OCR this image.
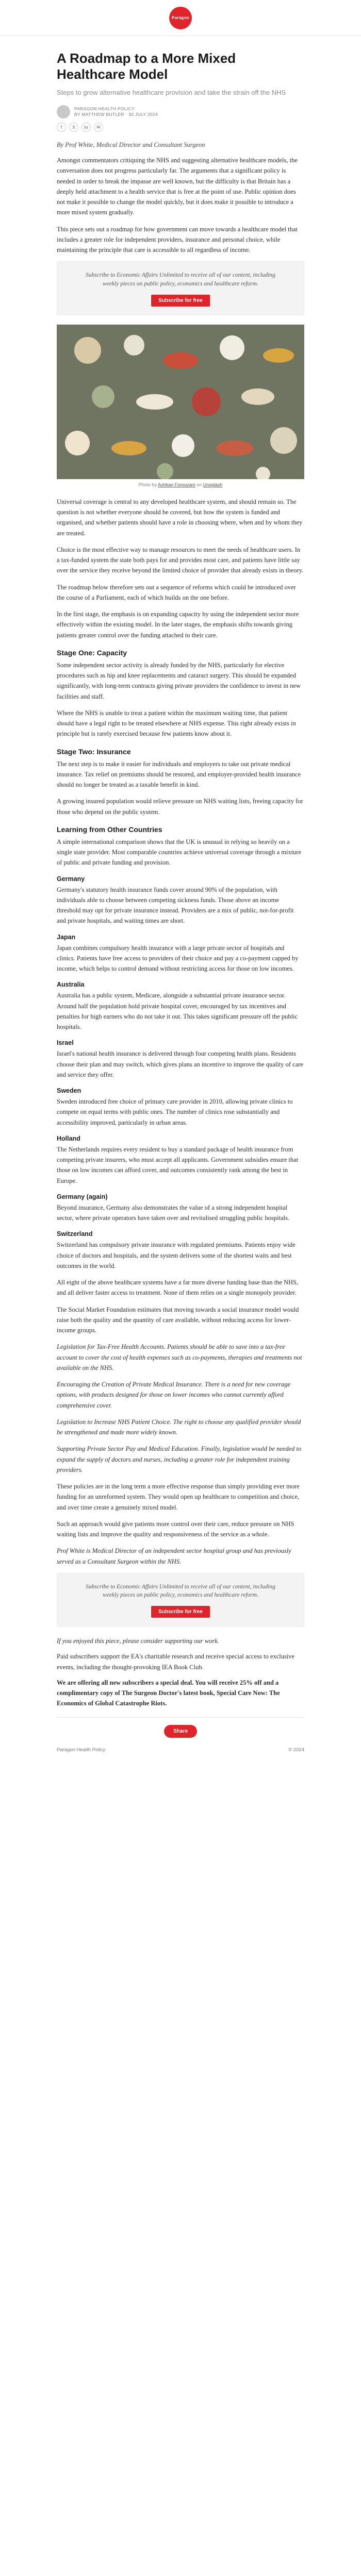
Paragon
A Roadmap to a More Mixed Healthcare Model
Steps to grow alternative healthcare provision and take the strain off the NHS
PARAGON HEALTH POLICY
BY MATTHEW BUTLER · 30 JULY 2024
f	X	in	✉
By Prof White, Medical Director and Consultant Surgeon

Amongst commentators critiquing the NHS and suggesting alternative healthcare models, the conversation does not progress particularly far. The arguments that a significant policy is needed in order to break the impasse are well known, but the difficulty is that Britain has a deeply held attachment to a health service that is free at the point of use. Public opinion does not make it possible to change the model quickly, but it does make it possible to introduce a more mixed system gradually.

This piece sets out a roadmap for how government can move towards a healthcare model that includes a greater role for independent providers, insurance and personal choice, while maintaining the principle that care is accessible to all regardless of income.

Subscribe to Economic Affairs Unlimited to receive all of our content, including weekly pieces on public policy, economics and healthcare reform.
Subscribe for free
Photo by Ashkan Forouzani on Unsplash

Universal coverage is central to any developed healthcare system, and should remain so. The question is not whether everyone should be covered, but how the system is funded and organised, and whether patients should have a role in choosing where, when and by whom they are treated.

Choice is the most effective way to manage resources to meet the needs of healthcare users. In a tax-funded system the state both pays for and provides most care, and patients have little say over the service they receive beyond the limited choice of provider that already exists in theory.

The roadmap below therefore sets out a sequence of reforms which could be introduced over the course of a Parliament, each of which builds on the one before.

In the first stage, the emphasis is on expanding capacity by using the independent sector more effectively within the existing model. In the later stages, the emphasis shifts towards giving patients greater control over the funding attached to their care.

Stage One: Capacity

Some independent sector activity is already funded by the NHS, particularly for elective procedures such as hip and knee replacements and cataract surgery. This should be expanded significantly, with long-term contracts giving private providers the confidence to invest in new facilities and staff.

Where the NHS is unable to treat a patient within the maximum waiting time, that patient should have a legal right to be treated elsewhere at NHS expense. This right already exists in principle but is rarely exercised because few patients know about it.

Stage Two: Insurance

The next step is to make it easier for individuals and employers to take out private medical insurance. Tax relief on premiums should be restored, and employer-provided health insurance should no longer be treated as a taxable benefit in kind.

A growing insured population would relieve pressure on NHS waiting lists, freeing capacity for those who depend on the public system.

Learning from Other Countries

A simple international comparison shows that the UK is unusual in relying so heavily on a single state provider. Most comparable countries achieve universal coverage through a mixture of public and private funding and provision.

Germany

Germany's statutory health insurance funds cover around 90% of the population, with individuals able to choose between competing sickness funds. Those above an income threshold may opt for private insurance instead. Providers are a mix of public, not-for-profit and private hospitals, and waiting times are short.

Japan

Japan combines compulsory health insurance with a large private sector of hospitals and clinics. Patients have free access to providers of their choice and pay a co-payment capped by income, which helps to control demand without restricting access for those on low incomes.

Australia

Australia has a public system, Medicare, alongside a substantial private insurance sector. Around half the population hold private hospital cover, encouraged by tax incentives and penalties for high earners who do not take it out. This takes significant pressure off the public hospitals.

Israel

Israel's national health insurance is delivered through four competing health plans. Residents choose their plan and may switch, which gives plans an incentive to improve the quality of care and service they offer.

Sweden

Sweden introduced free choice of primary care provider in 2010, allowing private clinics to compete on equal terms with public ones. The number of clinics rose substantially and accessibility improved, particularly in urban areas.

Holland

The Netherlands requires every resident to buy a standard package of health insurance from competing private insurers, who must accept all applicants. Government subsidies ensure that those on low incomes can afford cover, and outcomes consistently rank among the best in Europe.

Germany (again)

Beyond insurance, Germany also demonstrates the value of a strong independent hospital sector, where private operators have taken over and revitalised struggling public hospitals.

Switzerland

Switzerland has compulsory private insurance with regulated premiums. Patients enjoy wide choice of doctors and hospitals, and the system delivers some of the shortest waits and best outcomes in the world.

All eight of the above healthcare systems have a far more diverse funding base than the NHS, and all deliver faster access to treatment. None of them relies on a single monopoly provider.

The Social Market Foundation estimates that moving towards a social insurance model would raise both the quality and the quantity of care available, without reducing access for lower-income groups.

Legislation for Tax-Free Health Accounts. Patients should be able to save into a tax-free account to cover the cost of health expenses such as co-payments, therapies and treatments not available on the NHS.

Encouraging the Creation of Private Medical Insurance. There is a need for new coverage options, with products designed for those on lower incomes who cannot currently afford comprehensive cover.

Legislation to Increase NHS Patient Choice. The right to choose any qualified provider should be strengthened and made more widely known.

Supporting Private Sector Pay and Medical Education. Finally, legislation would be needed to expand the supply of doctors and nurses, including a greater role for independent training providers.

These policies are in the long term a more effective response than simply providing ever more funding for an unreformed system. They would open up healthcare to competition and choice, and over time create a genuinely mixed model.

Such an approach would give patients more control over their care, reduce pressure on NHS waiting lists and improve the quality and responsiveness of the service as a whole.

Prof White is Medical Director of an independent sector hospital group and has previously served as a Consultant Surgeon within the NHS.

Subscribe to Economic Affairs Unlimited to receive all of our content, including weekly pieces on public policy, economics and healthcare reform.
Subscribe for free

If you enjoyed this piece, please consider supporting our work.

Paid subscribers support the EA's charitable research and receive special access to exclusive events, including the thought-provoking IEA Book Club.

We are offering all new subscribers a special deal. You will receive 25% off and a complimentary copy of The Surgeon Doctor's latest book, Special Care Now: The Economics of Global Catastrophe Riots.

Share
Paragon Health Policy	© 2024
